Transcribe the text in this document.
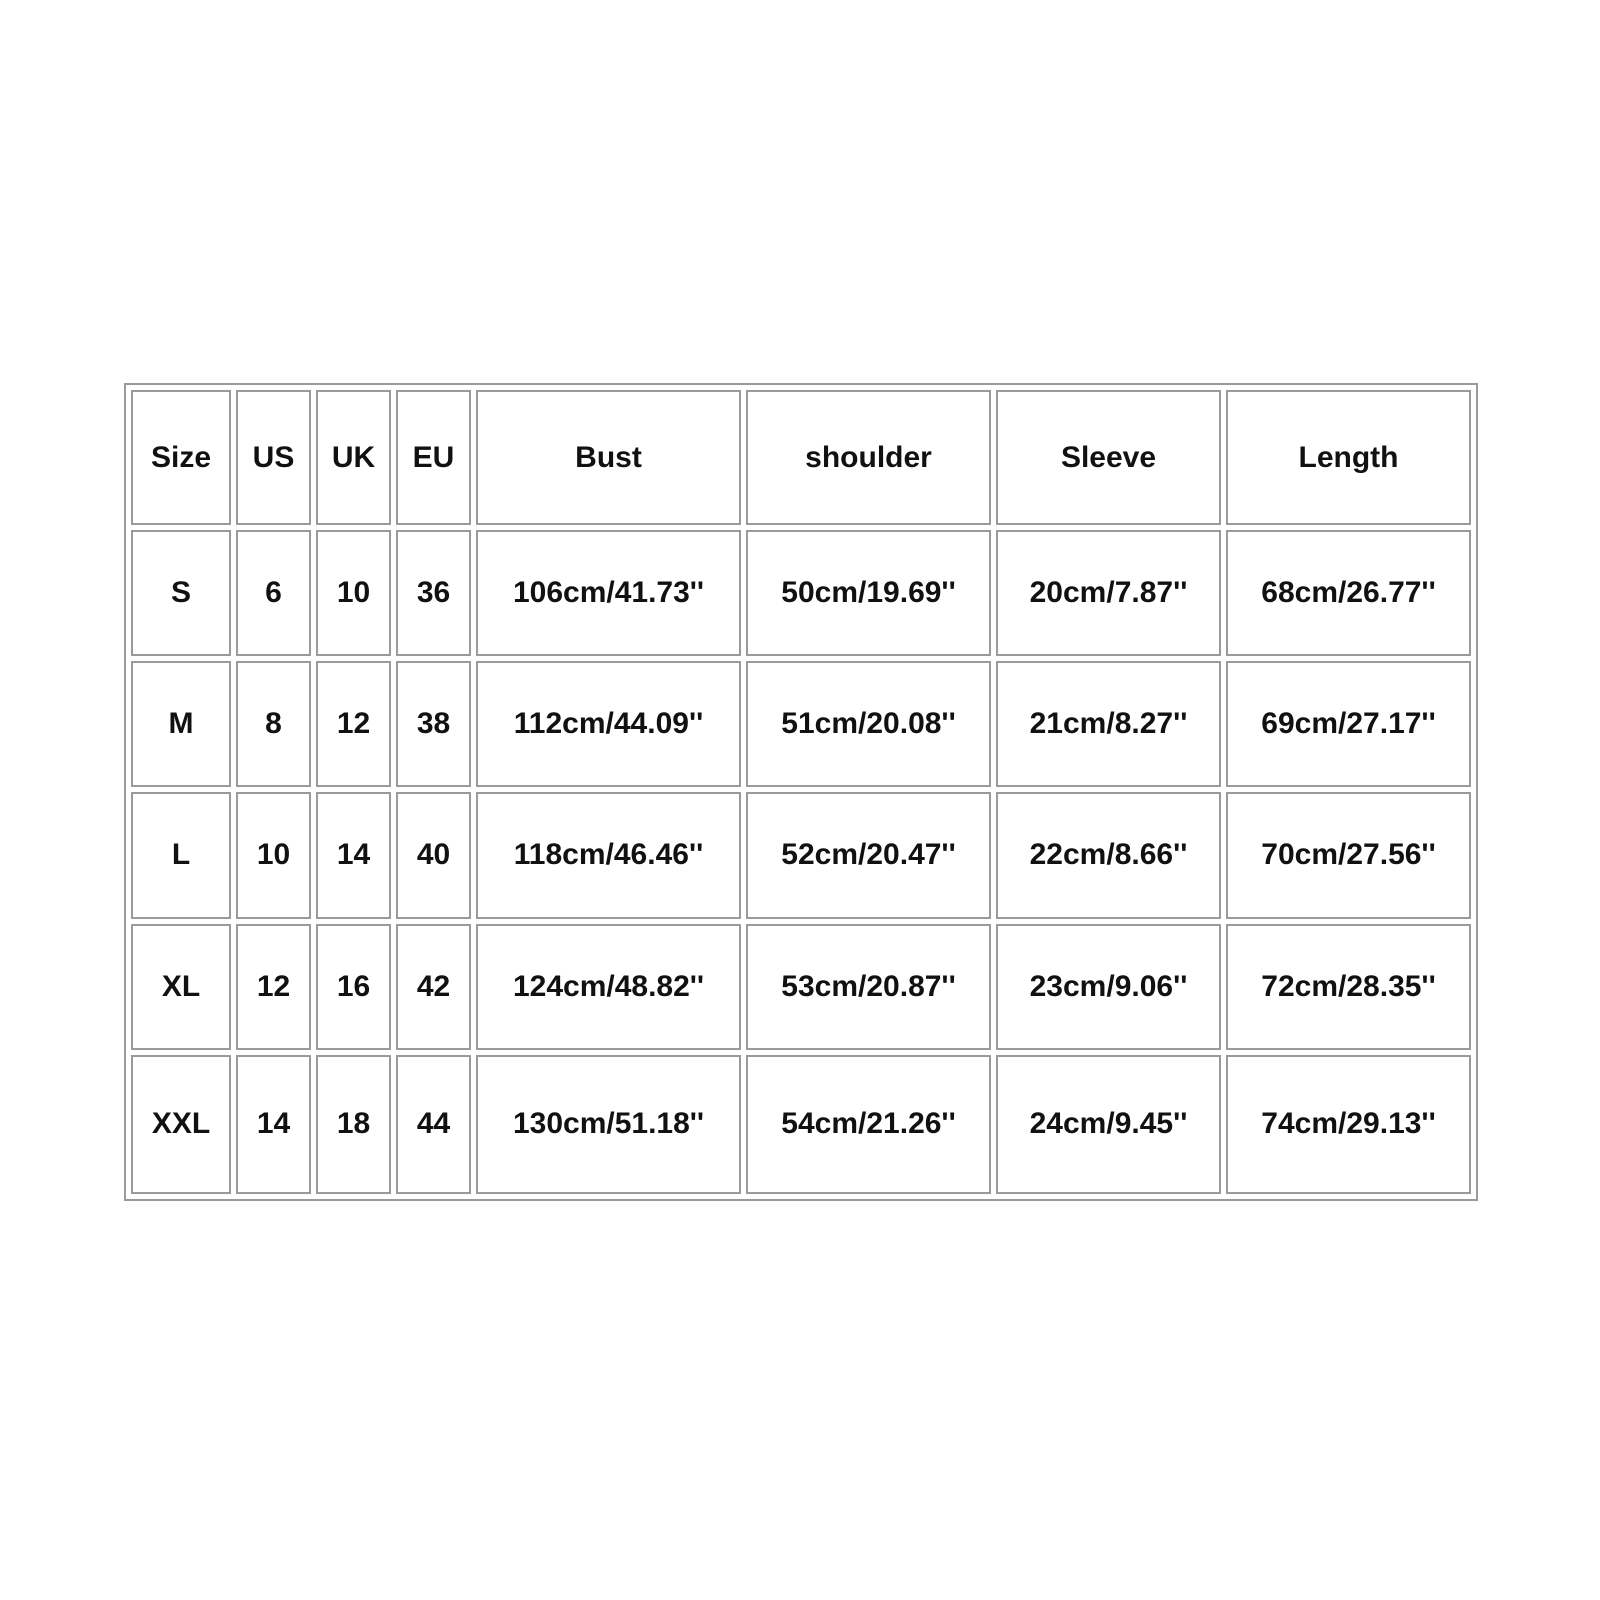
Size	US	UK	EU	Bust	shoulder	Sleeve	Length
S	6	10	36	106cm/41.73''	50cm/19.69''	20cm/7.87''	68cm/26.77''
M	8	12	38	112cm/44.09''	51cm/20.08''	21cm/8.27''	69cm/27.17''
L	10	14	40	118cm/46.46''	52cm/20.47''	22cm/8.66''	70cm/27.56''
XL	12	16	42	124cm/48.82''	53cm/20.87''	23cm/9.06''	72cm/28.35''
XXL	14	18	44	130cm/51.18''	54cm/21.26''	24cm/9.45''	74cm/29.13''
